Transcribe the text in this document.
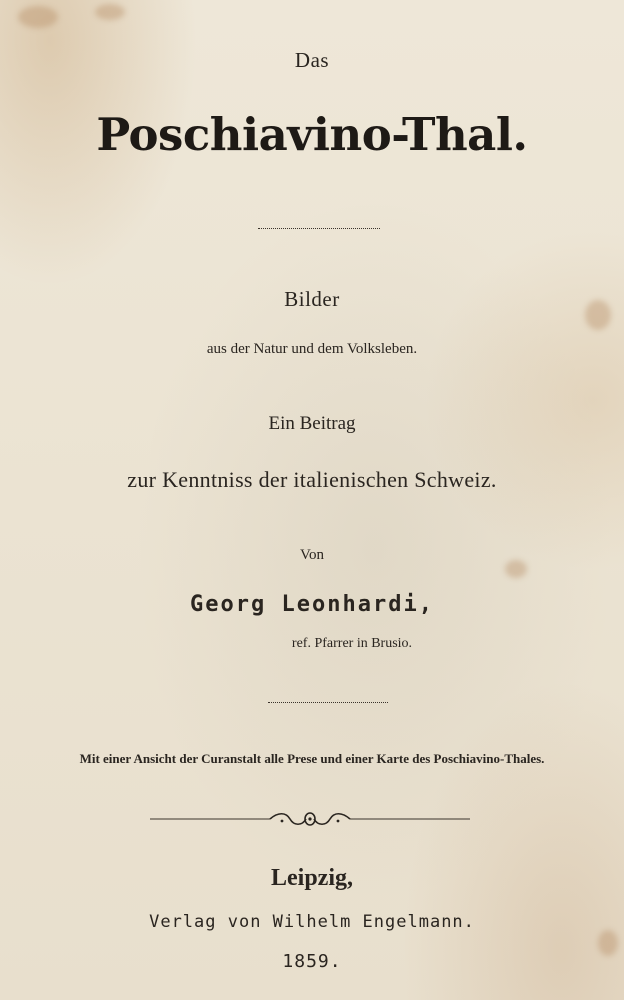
Das
Poschiavino-Thal.
Bilder
aus der Natur und dem Volksleben.
Ein Beitrag
zur Kenntniss der italienischen Schweiz.
Von
Georg Leonhardi,
ref. Pfarrer in Brusio.
Mit einer Ansicht der Curanstalt alle Prese und einer Karte des Poschiavino-Thales.
Leipzig,
Verlag von Wilhelm Engelmann.
1859.
